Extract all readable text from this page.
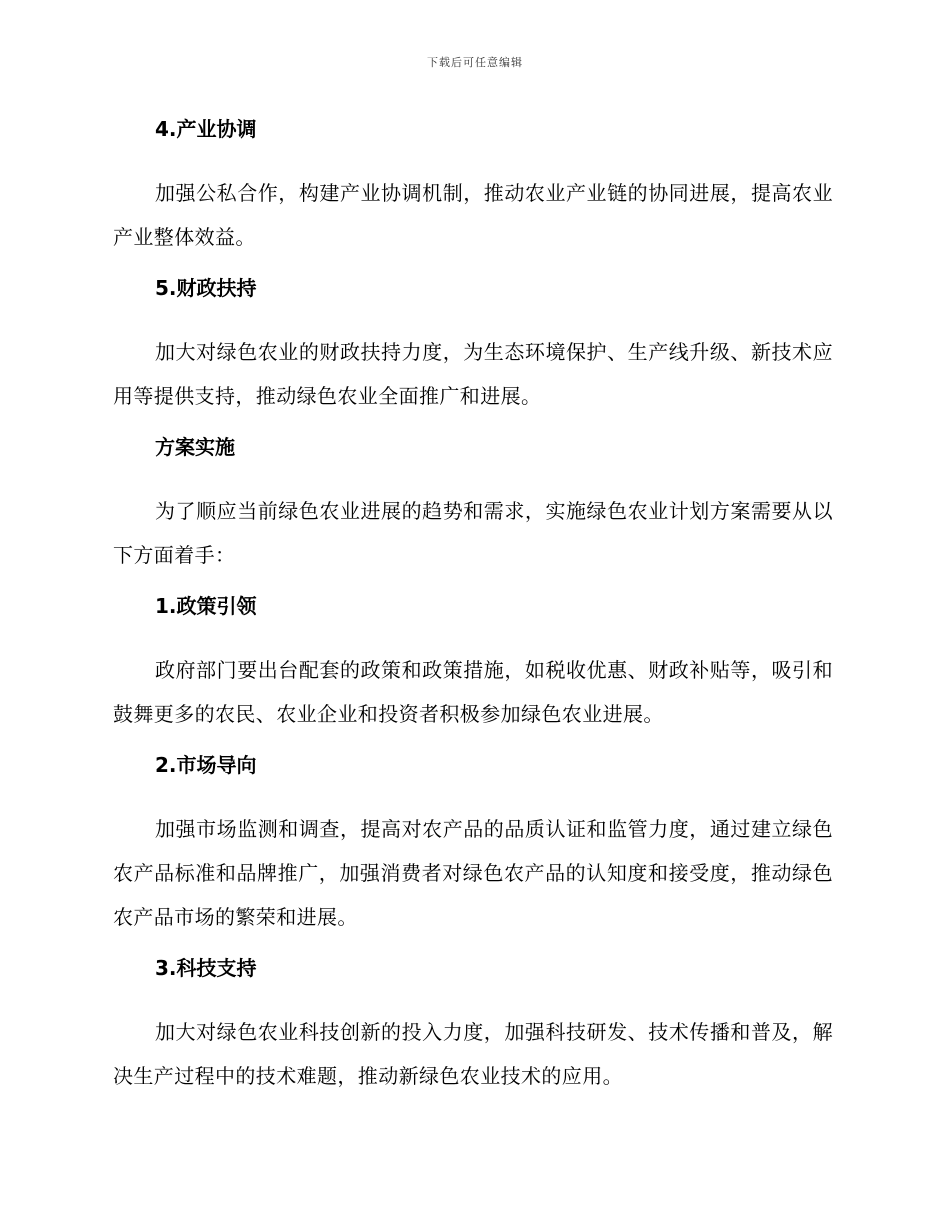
下载后可任意编辑

4.产业协调

加强公私合作，构建产业协调机制，推动农业产业链的协同进展，提高农业产业整体效益。

5.财政扶持

加大对绿色农业的财政扶持力度，为生态环境保护、生产线升级、新技术应用等提供支持，推动绿色农业全面推广和进展。

方案实施

为了顺应当前绿色农业进展的趋势和需求，实施绿色农业计划方案需要从以下方面着手：

1.政策引领

政府部门要出台配套的政策和政策措施，如税收优惠、财政补贴等，吸引和鼓舞更多的农民、农业企业和投资者积极参加绿色农业进展。

2.市场导向

加强市场监测和调查，提高对农产品的品质认证和监管力度，通过建立绿色农产品标准和品牌推广，加强消费者对绿色农产品的认知度和接受度，推动绿色农产品市场的繁荣和进展。

3.科技支持

加大对绿色农业科技创新的投入力度，加强科技研发、技术传播和普及，解决生产过程中的技术难题，推动新绿色农业技术的应用。
